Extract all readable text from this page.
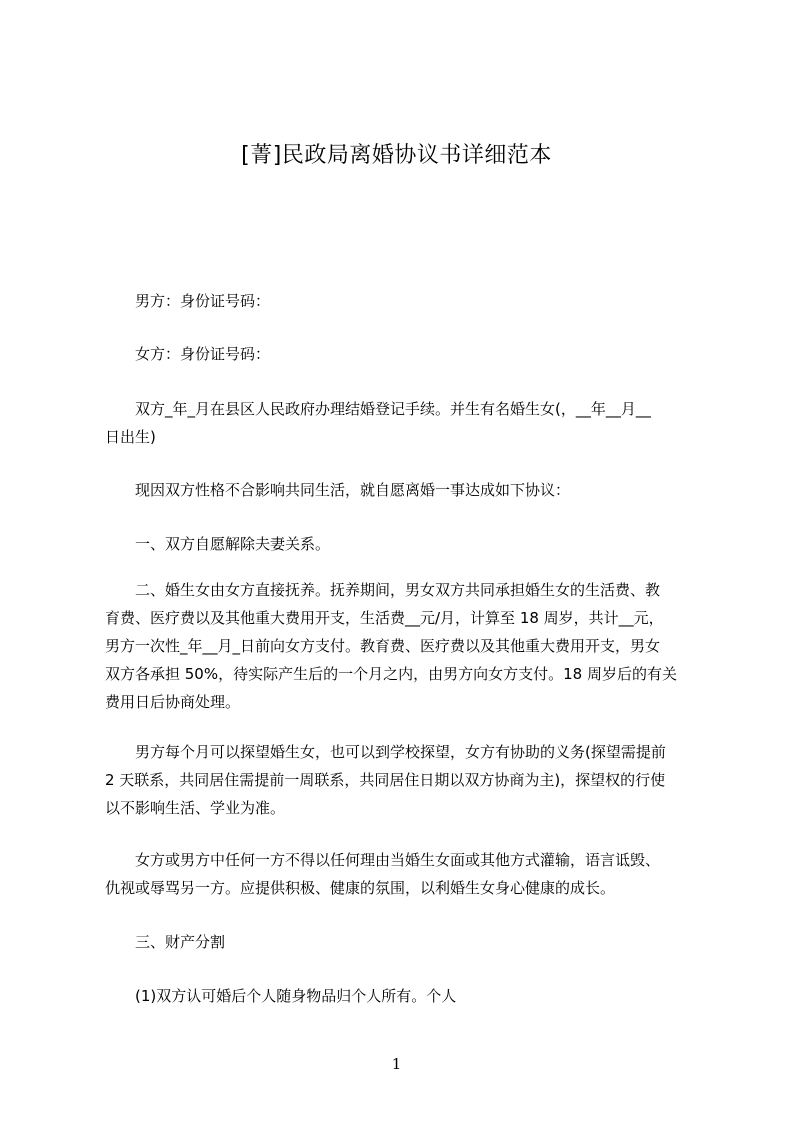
[菁]民政局离婚协议书详细范本
　　男方：身份证号码：
　　女方：身份证号码：
　　双方_年_月在县区人民政府办理结婚登记手续。并生有名婚生女(，__年__月__
日出生)
　　现因双方性格不合影响共同生活，就自愿离婚一事达成如下协议：
　　一、双方自愿解除夫妻关系。
　　二、婚生女由女方直接抚养。抚养期间，男女双方共同承担婚生女的生活费、教
育费、医疗费以及其他重大费用开支，生活费__元/月，计算至 18 周岁，共计__元，
男方一次性_年__月_日前向女方支付。教育费、医疗费以及其他重大费用开支，男女
双方各承担 50%，待实际产生后的一个月之内，由男方向女方支付。18 周岁后的有关
费用日后协商处理。
　　男方每个月可以探望婚生女，也可以到学校探望，女方有协助的义务(探望需提前
2 天联系，共同居住需提前一周联系，共同居住日期以双方协商为主)，探望权的行使
以不影响生活、学业为准。
　　女方或男方中任何一方不得以任何理由当婚生女面或其他方式灌输，语言诋毁、
仇视或辱骂另一方。应提供积极、健康的氛围，以利婚生女身心健康的成长。
　　三、财产分割
　　(1)双方认可婚后个人随身物品归个人所有。个人
1
